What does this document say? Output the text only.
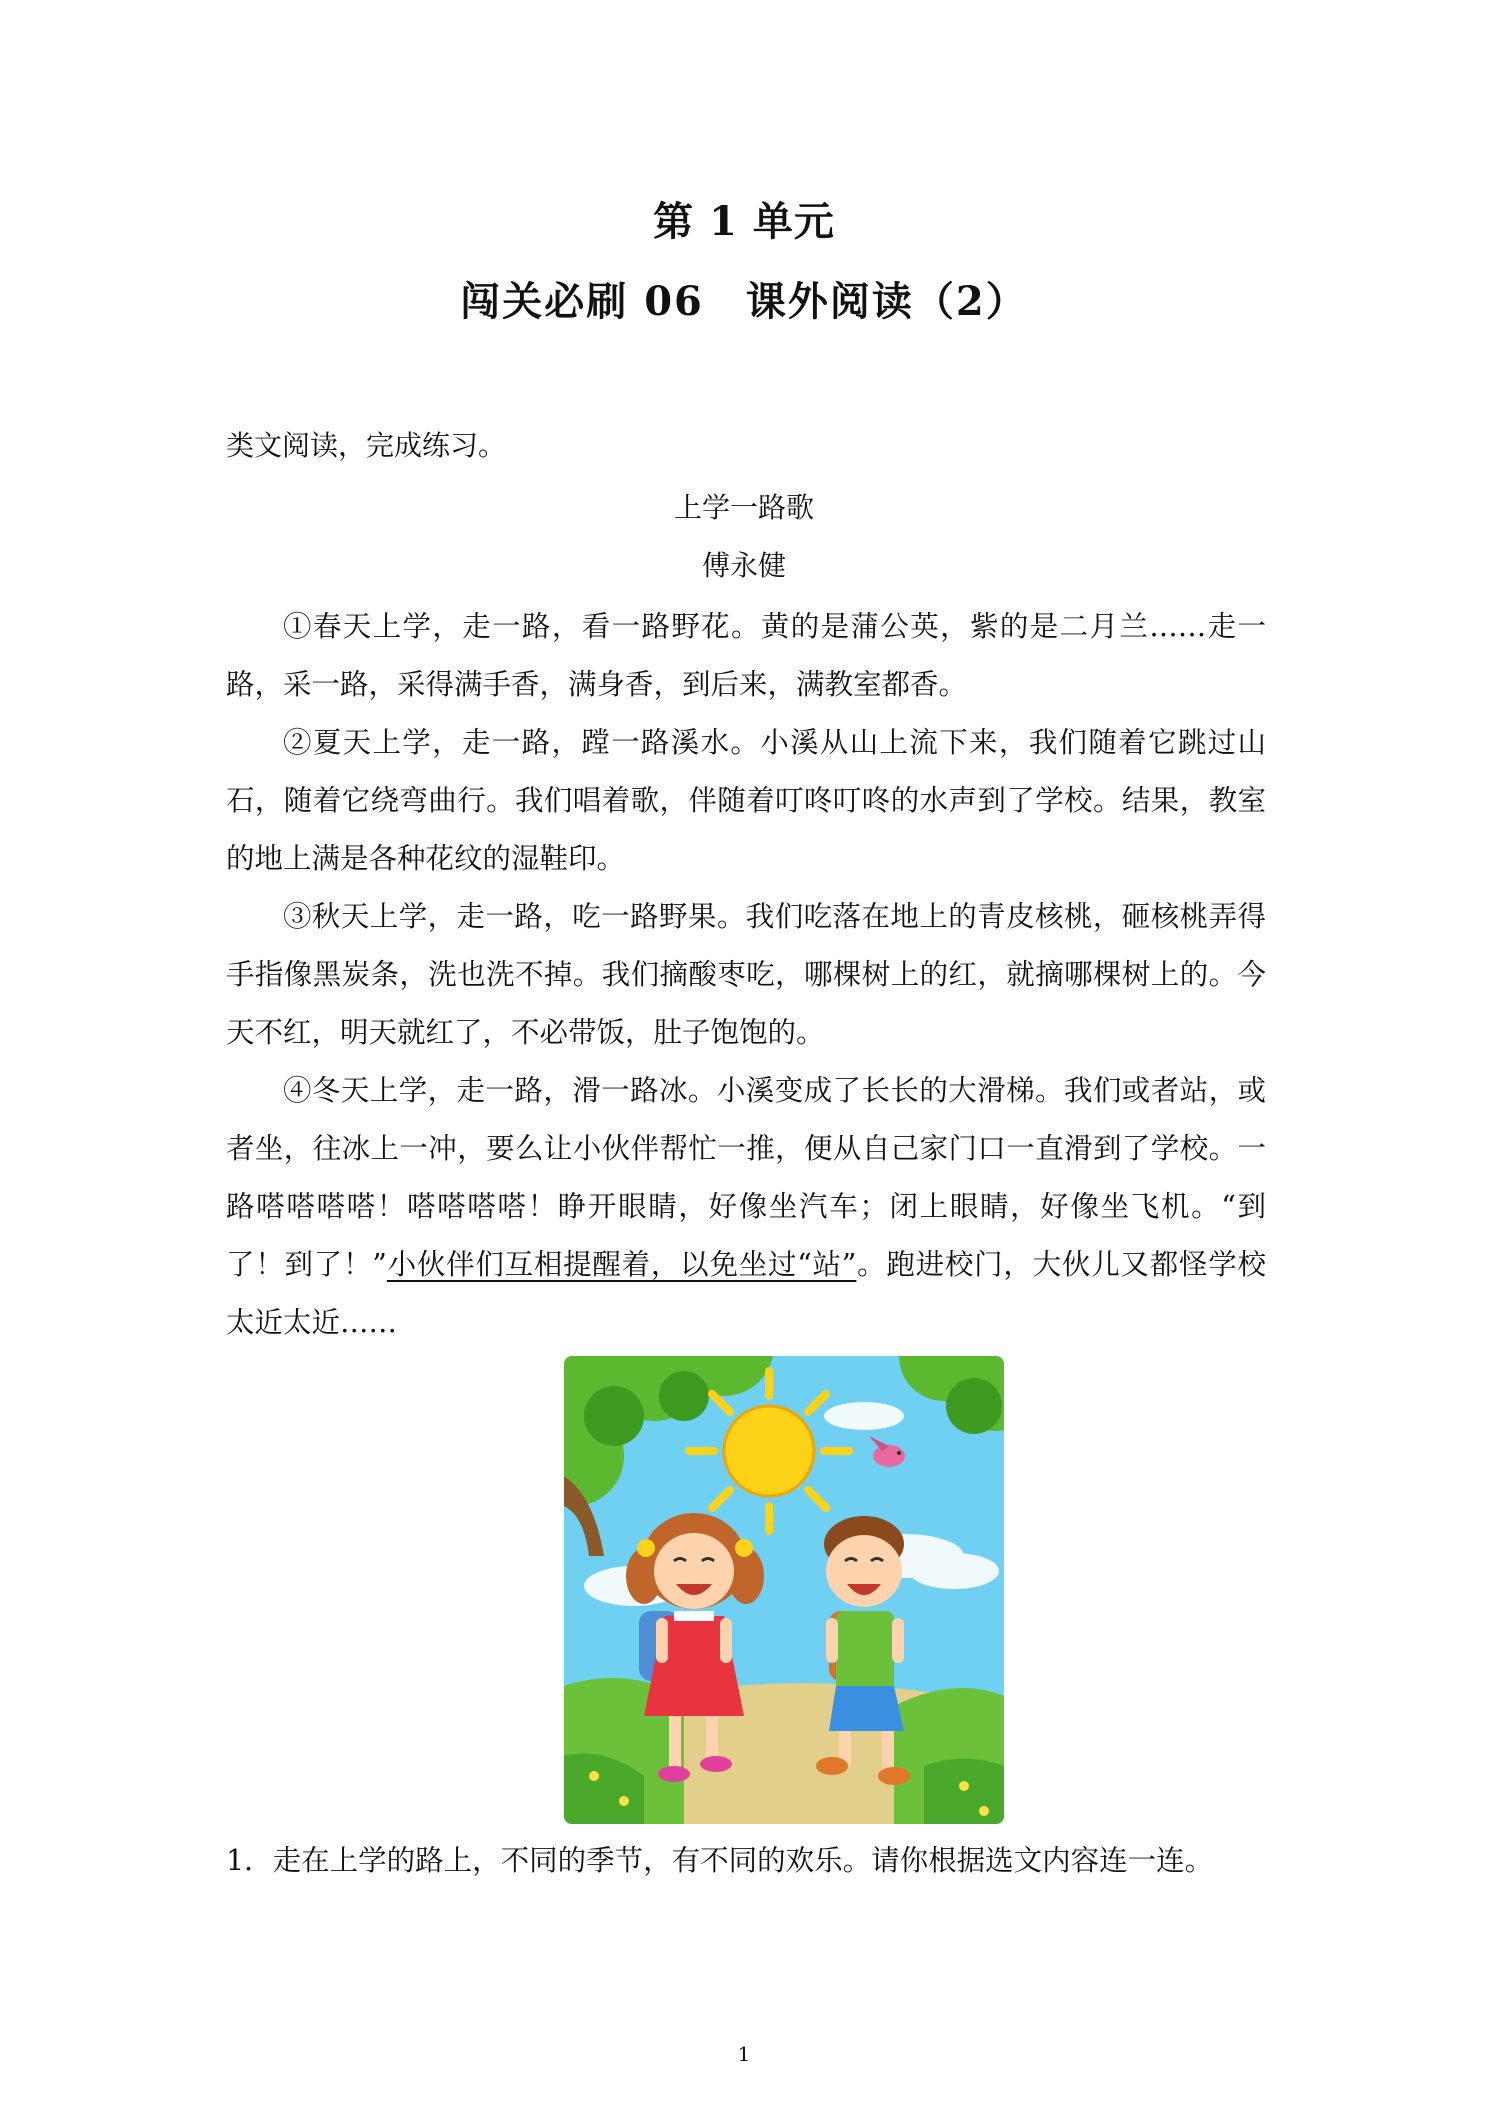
第 1 单元
闯关必刷 06　课外阅读（2）
类文阅读，完成练习。
上学一路歌
傅永健

①春天上学，走一路，看一路野花。黄的是蒲公英，紫的是二月兰……走一路，采一路，采得满手香，满身香，到后来，满教室都香。

②夏天上学，走一路，蹚一路溪水。小溪从山上流下来，我们随着它跳过山石，随着它绕弯曲行。我们唱着歌，伴随着叮咚叮咚的水声到了学校。结果，教室的地上满是各种花纹的湿鞋印。

③秋天上学，走一路，吃一路野果。我们吃落在地上的青皮核桃，砸核桃弄得手指像黑炭条，洗也洗不掉。我们摘酸枣吃，哪棵树上的红，就摘哪棵树上的。今天不红，明天就红了，不必带饭，肚子饱饱的。

④冬天上学，走一路，滑一路冰。小溪变成了长长的大滑梯。我们或者站，或者坐，往冰上一冲，要么让小伙伴帮忙一推，便从自己家门口一直滑到了学校。一路嗒嗒嗒嗒！嗒嗒嗒嗒！睁开眼睛，好像坐汽车；闭上眼睛，好像坐飞机。“到了！到了！”小伙伴们互相提醒着，以免坐过“站”。跑进校门，大伙儿又都怪学校太近太近……

1．走在上学的路上，不同的季节，有不同的欢乐。请你根据选文内容连一连。
1
